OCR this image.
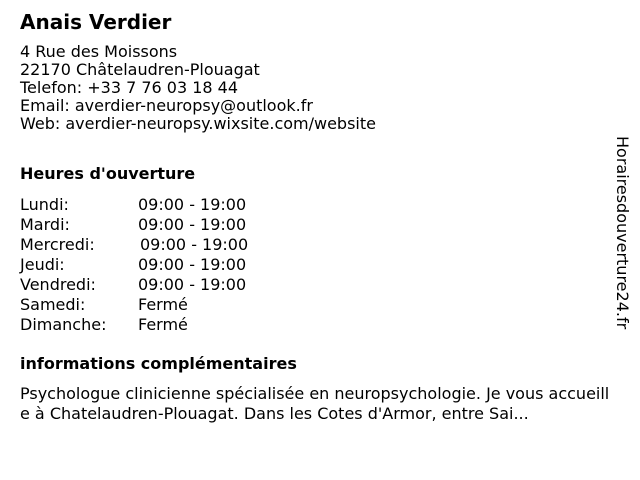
Anais Verdier
4 Rue des Moissons
22170 Châtelaudren-Plouagat
Telefon: +33 7 76 03 18 44
Email: averdier-neuropsy@outlook.fr
Web: averdier-neuropsy.wixsite.com/website
Heures d'ouverture
Lundi:	09:00 - 19:00
Mardi:	09:00 - 19:00
Mercredi:	09:00 - 19:00
Jeudi:	09:00 - 19:00
Vendredi:	09:00 - 19:00
Samedi:	Fermé
Dimanche: Fermé
informations complémentaires
Psychologue clinicienne spécialisée en neuropsychologie. Je vous accueille à Chatelaudren-Plouagat. Dans les Cotes d'Armor, entre Sai...
Horairesdouverture24.fr
